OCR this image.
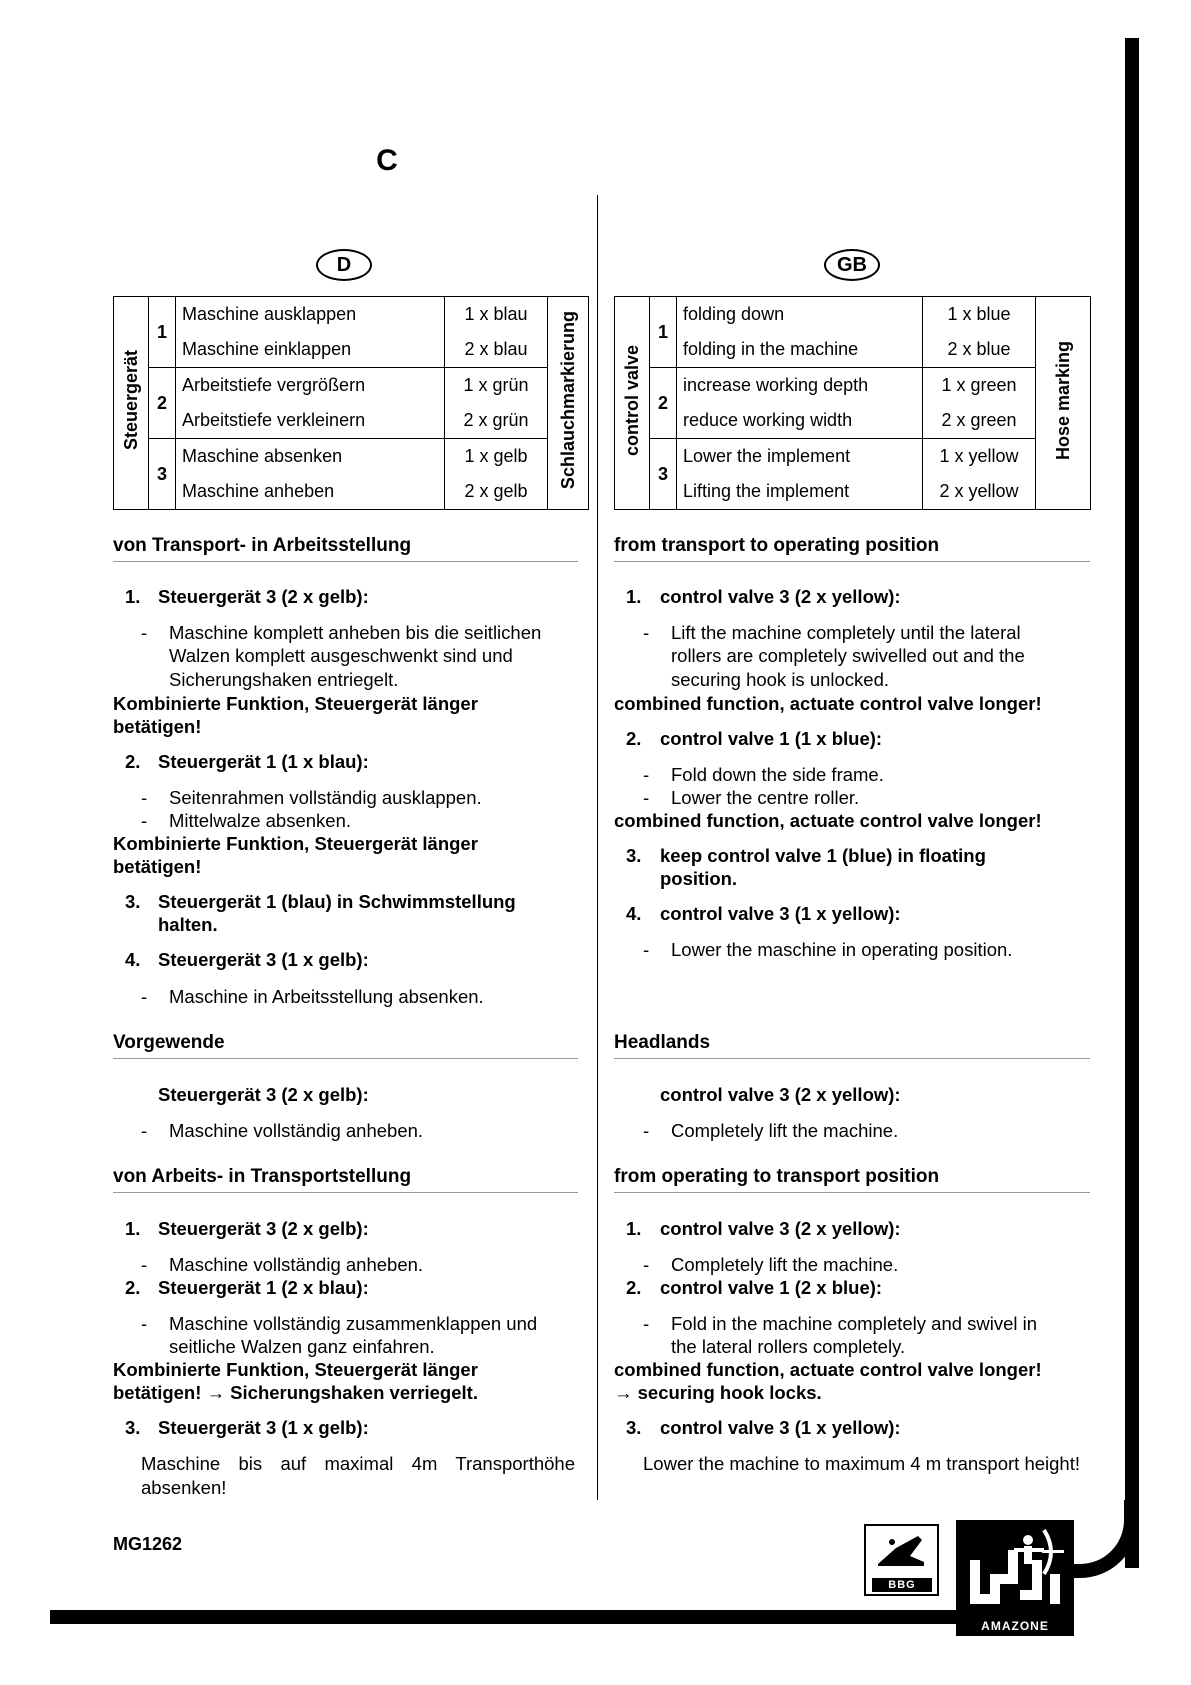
C
D
Steuergerät	1	Maschine ausklappen	1 x blau	Schlauchmarkierung
		Maschine einklappen	2 x blau	
	2	Arbeitstiefe vergrößern	1 x grün	
		Arbeitstiefe verkleinern	2 x grün	
	3	Maschine absenken	1 x gelb	
		Maschine anheben	2 x gelb	
von Transport- in Arbeitsstellung
1. Steuergerät 3 (2 x gelb):
- Maschine komplett anheben bis die seitlichen
Walzen komplett ausgeschwenkt sind und
Sicherungshaken entriegelt.
Kombinierte Funktion, Steuergerät länger
betätigen!
2. Steuergerät 1 (1 x blau):
- Seitenrahmen vollständig ausklappen.
- Mittelwalze absenken.
Kombinierte Funktion, Steuergerät länger
betätigen!
3. Steuergerät 1 (blau) in Schwimmstellung
halten.
4. Steuergerät 3 (1 x gelb):
- Maschine in Arbeitsstellung absenken.
Vorgewende
Steuergerät 3 (2 x gelb):
- Maschine vollständig anheben.
von Arbeits- in Transportstellung
1. Steuergerät 3 (2 x gelb):
- Maschine vollständig anheben.
2. Steuergerät 1 (2 x blau):
- Maschine vollständig zusammenklappen und
seitliche Walzen ganz einfahren.
Kombinierte Funktion, Steuergerät länger
betätigen! → Sicherungshaken verriegelt.
3. Steuergerät 3 (1 x gelb):
Maschine bis auf maximal 4m Transporthöhe absenken!
GB
control valve	1	folding down	1 x blue	Hose marking
		folding in the machine	2 x blue	
	2	increase working depth	1 x green	
		reduce working width	2 x green	
	3	Lower the implement	1 x yellow	
		Lifting the implement	2 x yellow	
from transport to operating position
1. control valve 3 (2 x yellow):
- Lift the machine completely until the lateral
rollers are completely swivelled out and the
securing hook is unlocked.
combined function, actuate control valve longer!
2. control valve 1 (1 x blue):
- Fold down the side frame.
- Lower the centre roller.
combined function, actuate control valve longer!
3. keep control valve 1 (blue) in floating
position.
4. control valve 3 (1 x yellow):
- Lower the maschine in operating position.
Headlands
control valve 3 (2 x yellow):
- Completely lift the machine.
from operating to transport position
1. control valve 3 (2 x yellow):
- Completely lift the machine.
2. control valve 1 (2 x blue):
- Fold in the machine completely and swivel in
the lateral rollers completely.
combined function, actuate control valve longer!
→ securing hook locks.
3. control valve 3 (1 x yellow):
Lower the machine to maximum 4 m transport height!
MG1262
BBG
AMAZONE
